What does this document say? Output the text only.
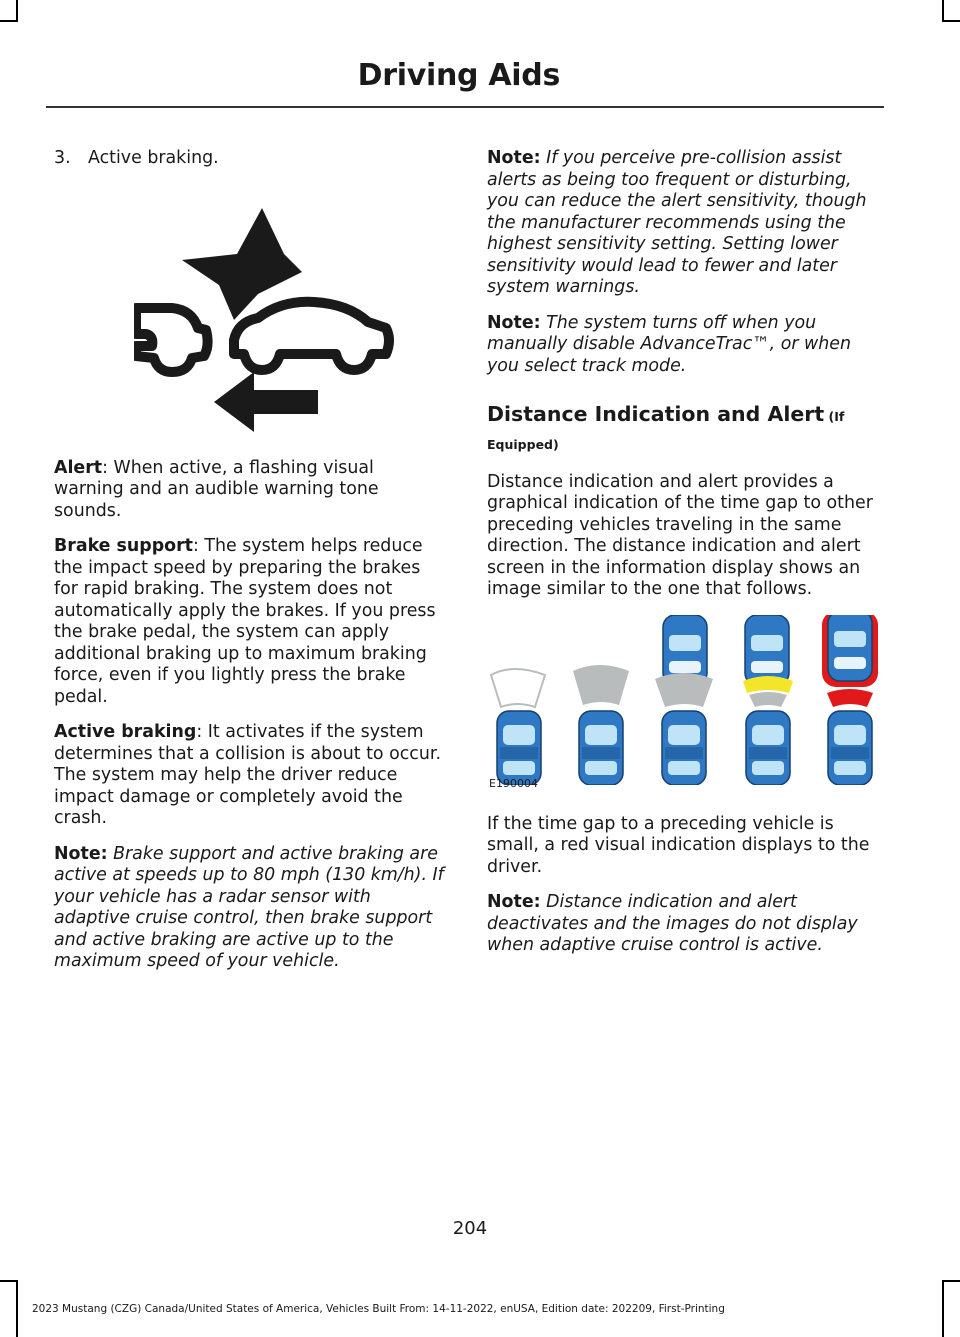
Driving Aids
3.	Active braking.

Alert: When active, a flashing visual warning and an audible warning tone sounds.

Brake support: The system helps reduce the impact speed by preparing the brakes for rapid braking. The system does not automatically apply the brakes. If you press the brake pedal, the system can apply additional braking up to maximum braking force, even if you lightly press the brake pedal.

Active braking: It activates if the system determines that a collision is about to occur. The system may help the driver reduce impact damage or completely avoid the crash.

Note: Brake support and active braking are active at speeds up to 80 mph (130 km/h). If your vehicle has a radar sensor with adaptive cruise control, then brake support and active braking are active up to the maximum speed of your vehicle.

Note: If you perceive pre-collision assist alerts as being too frequent or disturbing, you can reduce the alert sensitivity, though the manufacturer recommends using the highest sensitivity setting. Setting lower sensitivity would lead to fewer and later system warnings.

Note: The system turns off when you manually disable AdvanceTrac™, or when you select track mode.

Distance Indication and Alert (If
Equipped)

Distance indication and alert provides a graphical indication of the time gap to other preceding vehicles traveling in the same direction. The distance indication and alert screen in the information display shows an image similar to the one that follows.

E190004

If the time gap to a preceding vehicle is small, a red visual indication displays to the driver.

Note: Distance indication and alert deactivates and the images do not display when adaptive cruise control is active.

204
2023 Mustang (CZG) Canada/United States of America, Vehicles Built From: 14-11-2022, enUSA, Edition date: 202209, First-Printing
